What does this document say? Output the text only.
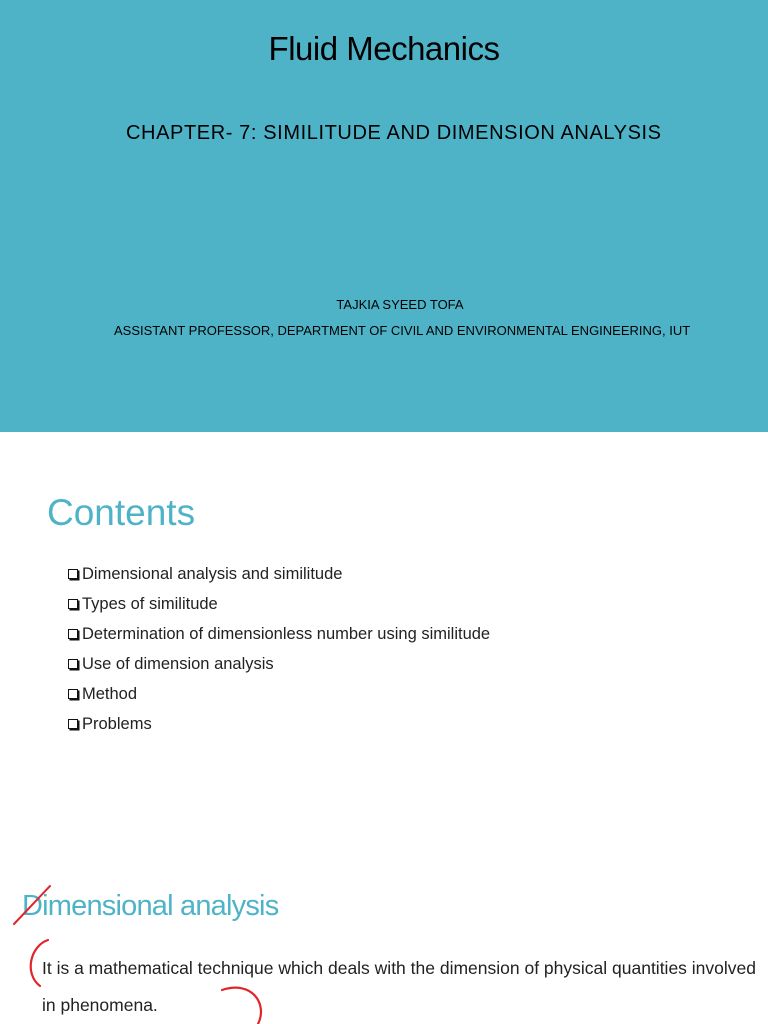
Fluid Mechanics
CHAPTER- 7: SIMILITUDE AND DIMENSION ANALYSIS
TAJKIA SYEED TOFA
ASSISTANT PROFESSOR, DEPARTMENT OF CIVIL AND ENVIRONMENTAL ENGINEERING, IUT
Contents
Dimensional analysis and similitude
Types of similitude
Determination of dimensionless number using similitude
Use of dimension analysis
Method
Problems
Dimensional analysis
It is a mathematical technique which deals with the dimension of physical quantities involved in phenomena.
